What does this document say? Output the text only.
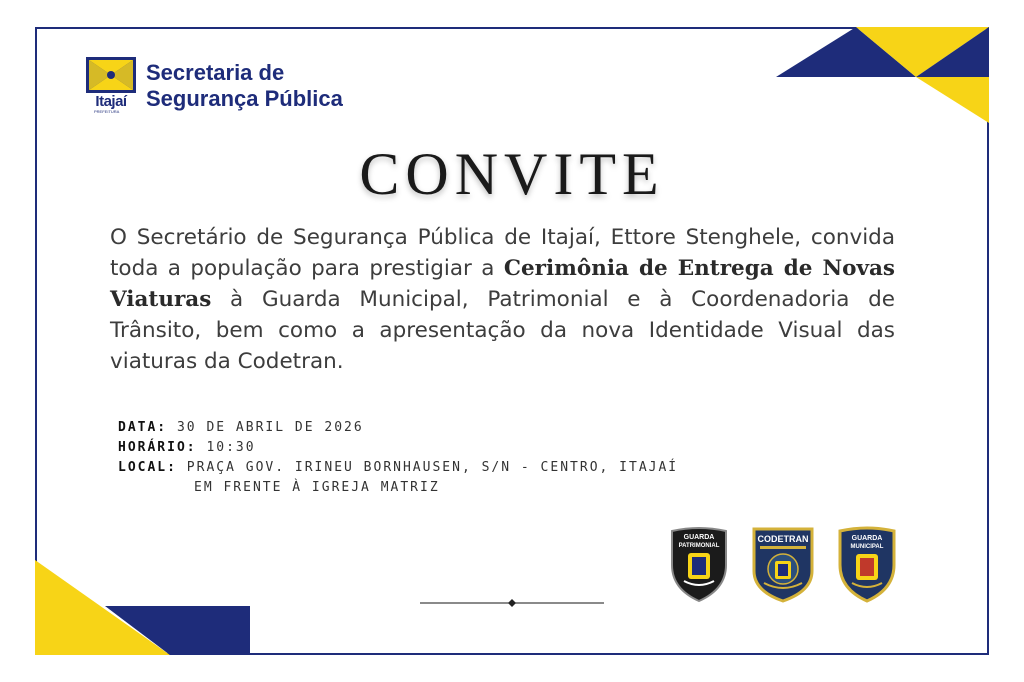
Itajaí
PREFEITURA
Secretaria de
Segurança Pública
CONVITE
O Secretário de Segurança Pública de Itajaí, Ettore Stenghele, convida toda a população para prestigiar a Cerimônia de Entrega de Novas Viaturas à Guarda Municipal, Patrimonial e à Coordenadoria de Trânsito, bem como a apresentação da nova Identidade Visual das viaturas da Codetran.
DATA: 30 DE ABRIL DE 2026
HORÁRIO: 10:30
LOCAL: PRAÇA GOV. IRINEU BORNHAUSEN, S/N - CENTRO, ITAJAÍ
EM FRENTE À IGREJA MATRIZ
GUARDA
PATRIMONIAL
CODETRAN	GUARDA
MUNICIPAL
